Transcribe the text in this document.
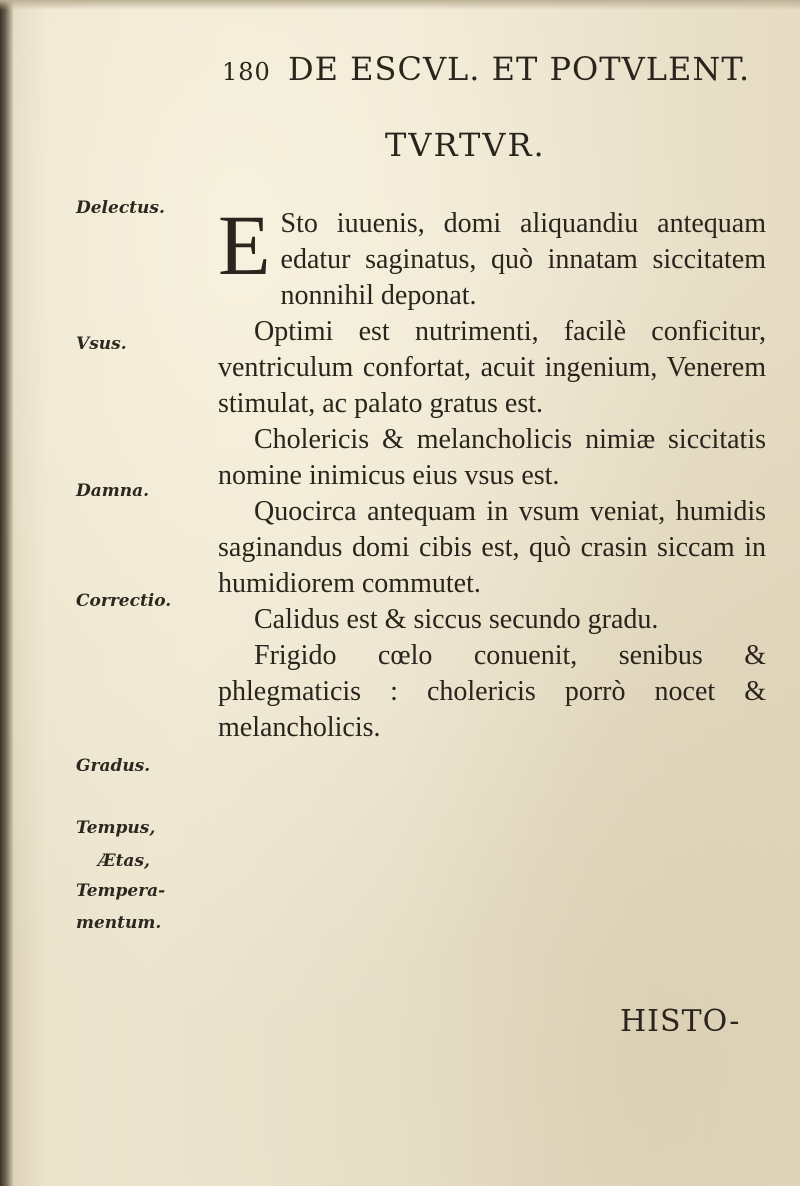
180 DE ESCVL. ET POTVLENT.
TVRTVR.
Delectus.
Vsus.
Damna.
Correctio.
Gradus.
Tempus,
Ætas,
Tempera-
mentum.

E Sto iuuenis, domi aliquandiu antequam edatur saginatus, quò innatam siccitatem nonnihil deponat.

Optimi est nutrimenti, facilè conficitur, ventriculum confortat, acuit ingenium, Venerem stimulat, ac palato gratus est.

Cholericis & melancholicis nimiæ siccitatis nomine inimicus eius vsus est.

Quocirca antequam in vsum veniat, humidis saginandus domi cibis est, quò crasin siccam in humidiorem commutet.

Calidus est & siccus secundo gradu.

Frigido cœlo conuenit, senibus & phlegmaticis : cholericis porrò nocet & melancholicis.

HISTO-
